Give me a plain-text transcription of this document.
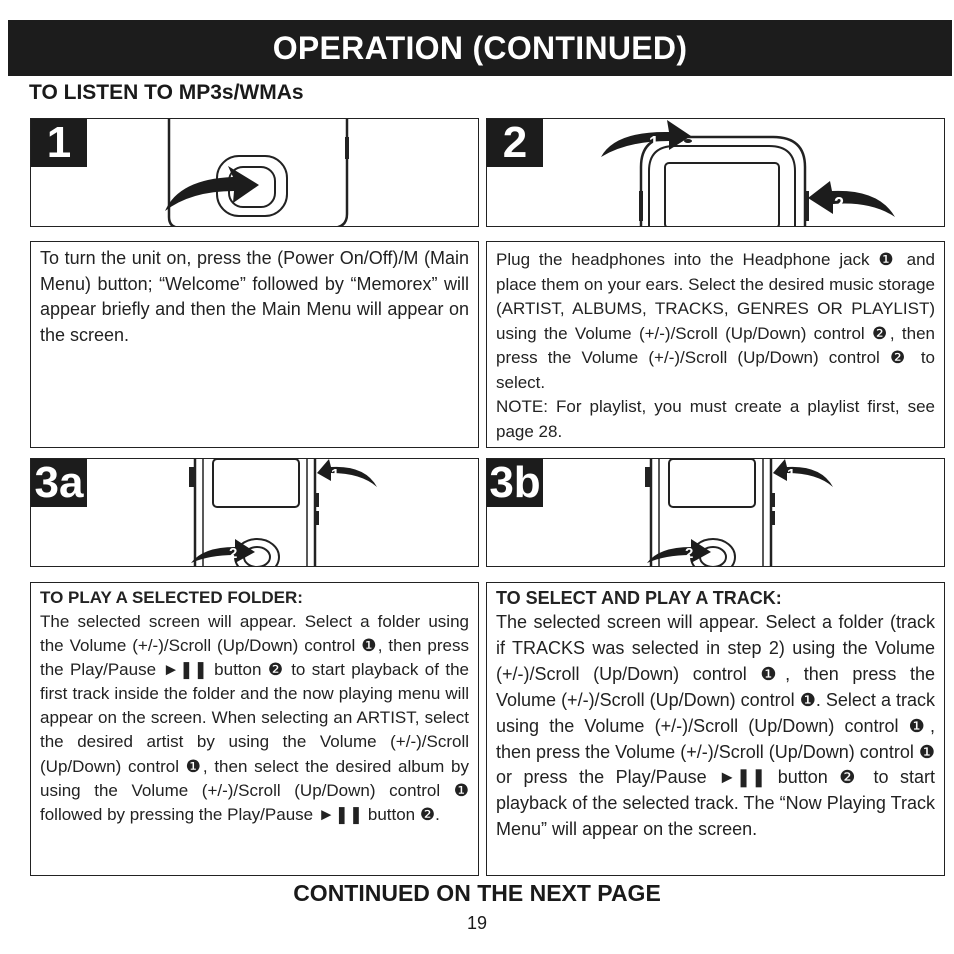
OPERATION (CONTINUED)
TO LISTEN TO MP3s/WMAs
1	2	1
2
To turn the unit on, press the (Power On/Off)/M (Main Menu) button; “Welcome” followed by “Memorex” will appear briefly and then the Main Menu will appear on the screen.
Plug the headphones into the Headphone jack ❶ and place them on your ears. Select the desired music storage (ARTIST, ALBUMS, TRACKS, GENRES OR PLAYLIST) using the Volume (+/-)/Scroll (Up/Down) control ❷, then press the Volume (+/-)/Scroll (Up/Down) control ❷ to select.
NOTE: For playlist, you must create a playlist first, see page 28.
3a	1
2
3b	1
2
TO PLAY A SELECTED FOLDER:
The selected screen will appear. Select a folder using the Volume (+/-)/Scroll (Up/Down) control ❶, then press the Play/Pause ►❚❚ button ❷ to start playback of the first track inside the folder and the now playing menu will appear on the screen. When selecting an ARTIST, select the desired artist by using the Volume (+/-)/Scroll (Up/Down) control ❶, then select the desired album by using the Volume (+/-)/Scroll (Up/Down) control ❶ followed by pressing the Play/Pause ►❚❚ button ❷.
TO SELECT AND PLAY A TRACK:
The selected screen will appear. Select a folder (track if TRACKS was selected in step 2) using the Volume (+/-)/Scroll (Up/Down) control ❶, then press the Volume (+/-)/Scroll (Up/Down) control ❶. Select a track using the Volume (+/-)/Scroll (Up/Down) control ❶, then press the Volume (+/-)/Scroll (Up/Down) control ❶ or press the Play/Pause ►❚❚ button ❷ to start playback of the selected track. The “Now Playing Track Menu” will appear on the screen.
CONTINUED ON THE NEXT PAGE
19
